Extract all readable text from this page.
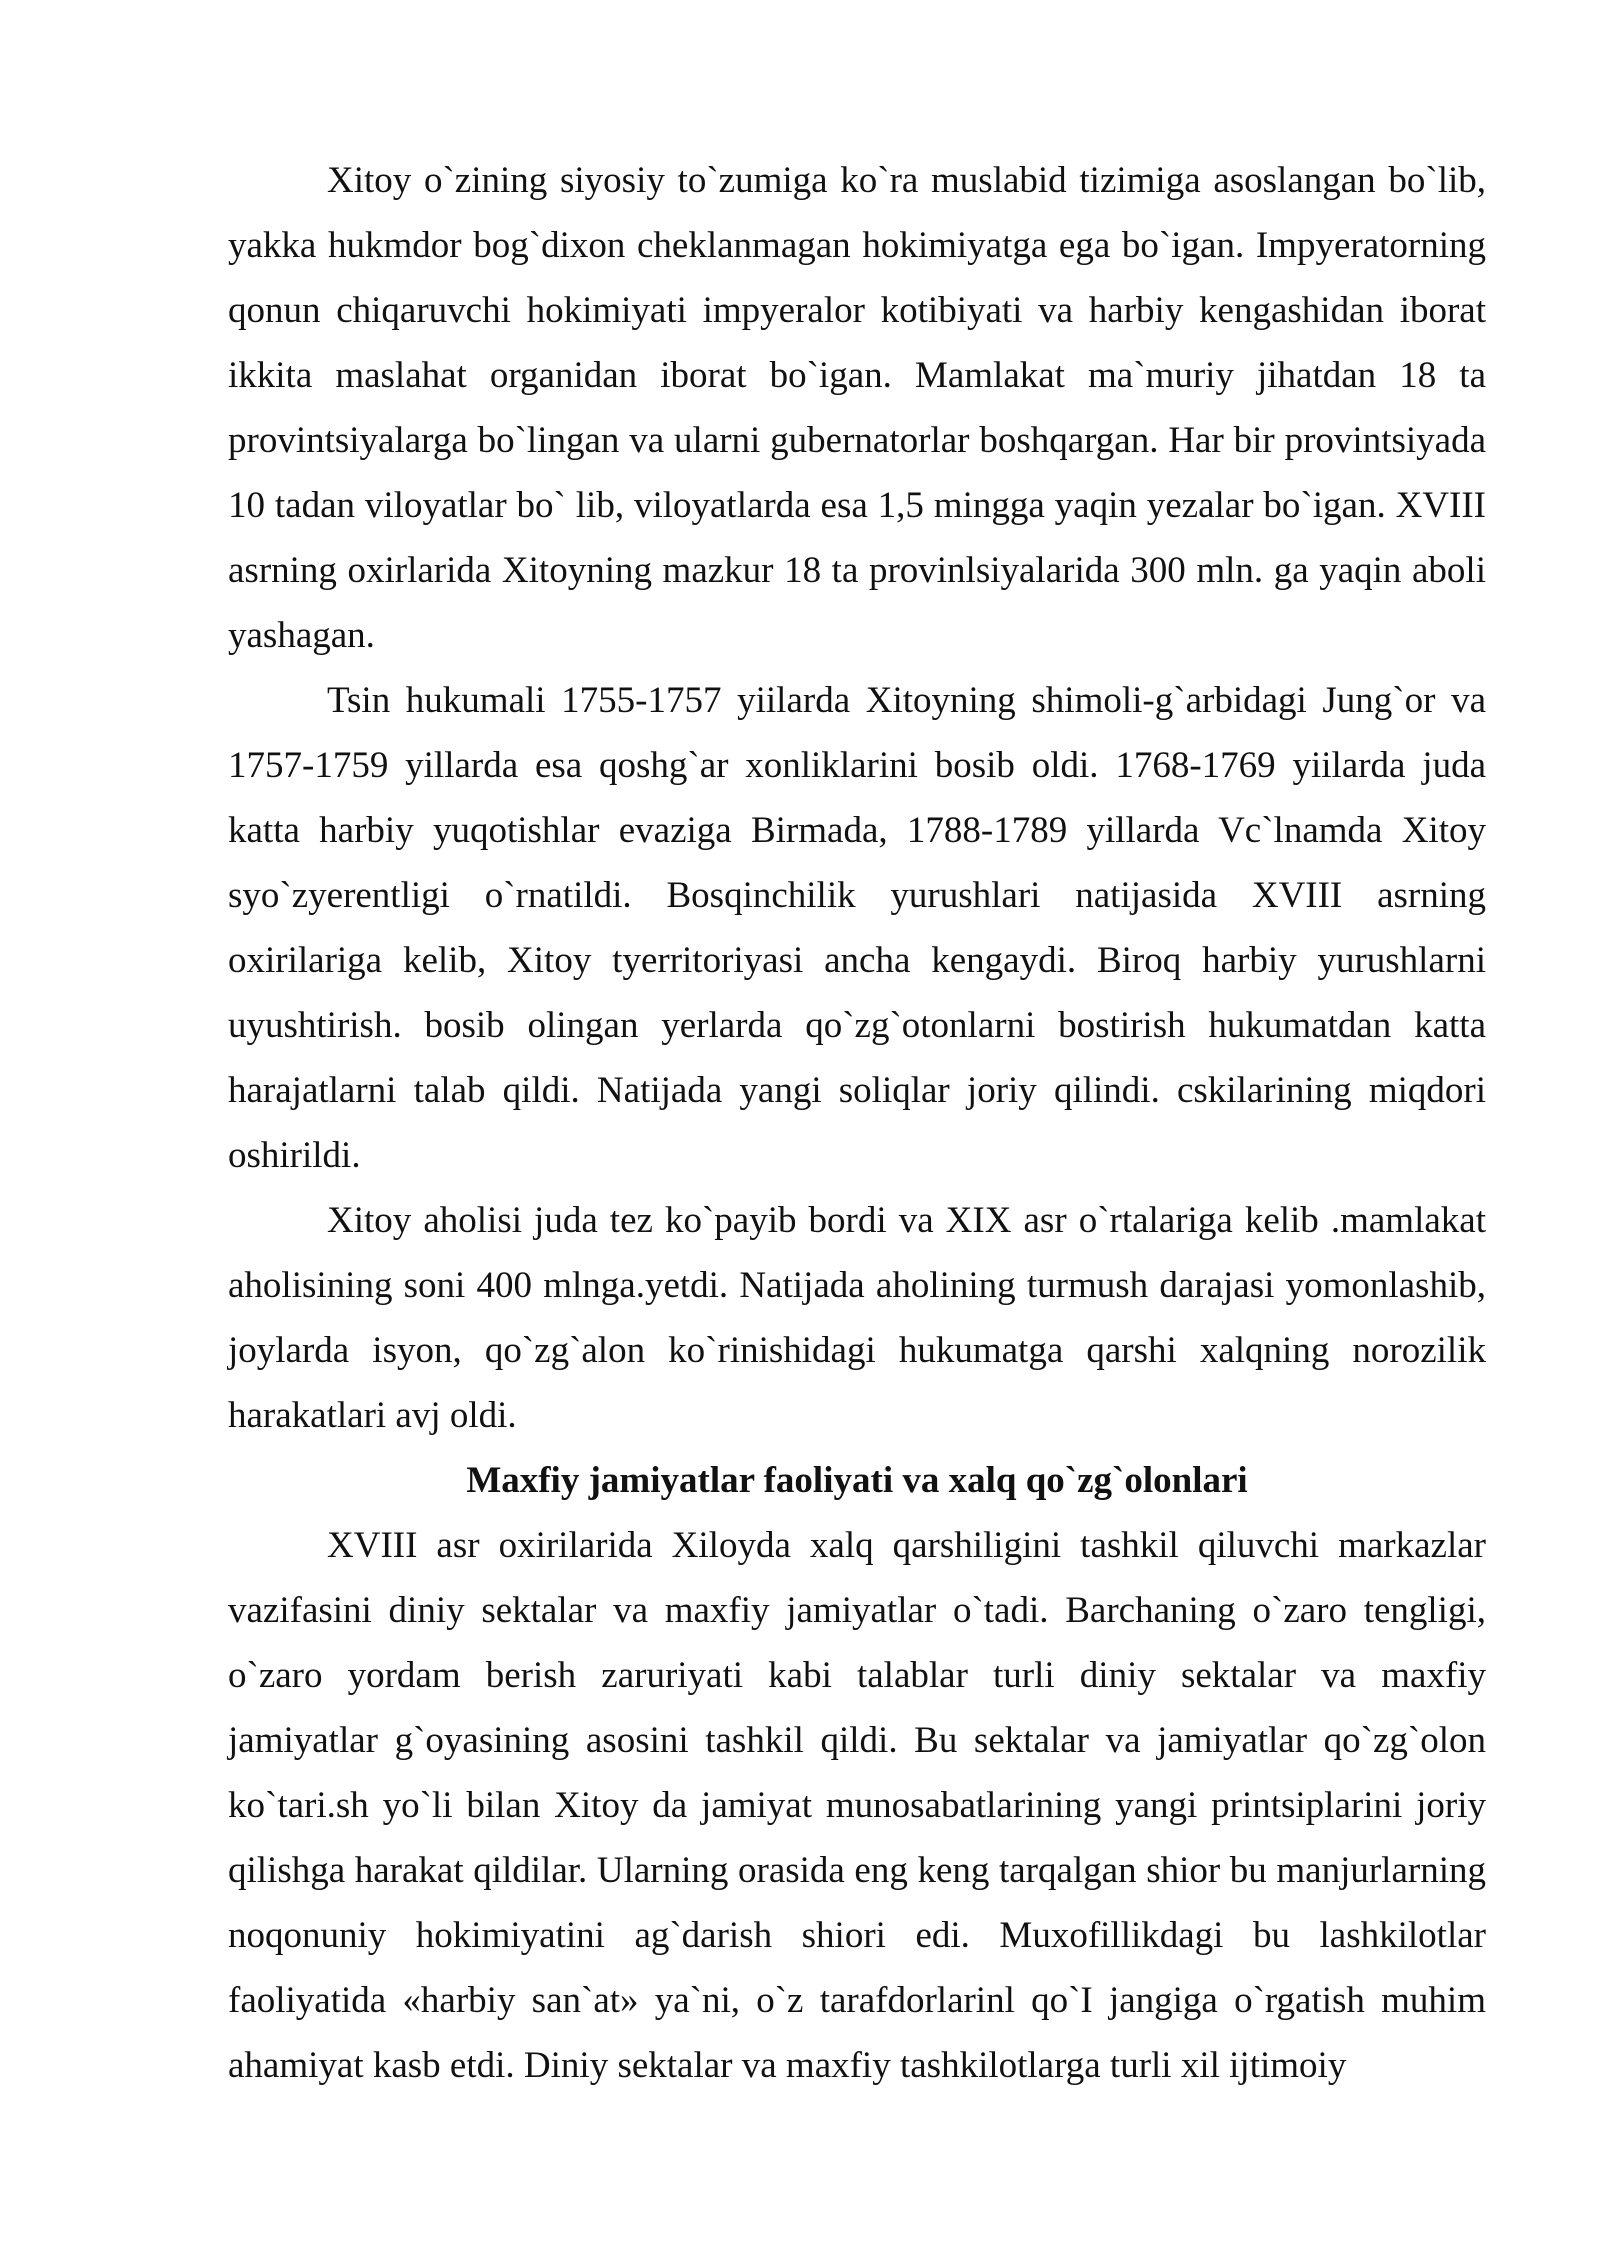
Xitoy o`zining siyosiy to`zumiga ko`ra muslabid tizimiga asoslangan bo`lib, yakka hukmdor bog`dixon cheklanmagan hokimiyatga ega bo`igan. Impyeratorning qonun chiqaruvchi hokimiyati impyeralor kotibiyati va harbiy kengashidan iborat ikkita maslahat organidan iborat bo`igan. Mamlakat ma`muriy jihatdan 18 ta provintsiyalarga bo`lingan va ularni gubernatorlar boshqargan. Har bir provintsiyada 10 tadan viloyatlar bo` lib, viloyatlarda esa 1,5 mingga yaqin yezalar bo`igan. XVIII asrning oxirlarida Xitoyning mazkur 18 ta provinlsiyalarida 300 mln. ga yaqin aboli yashagan.

Tsin hukumali 1755-1757 yiilarda Xitoyning shimoli-g`arbidagi Jung`or va 1757-1759 yillarda esa qoshg`ar xonliklarini bosib oldi. 1768-1769 yiilarda juda katta harbiy yuqotishlar evaziga Birmada, 1788-1789 yillarda Vc`lnamda Xitoy syo`zyerentligi o`rnatildi. Bosqinchilik yurushlari natijasida XVIII asrning oxirilariga kelib, Xitoy tyerritoriyasi ancha kengaydi. Biroq harbiy yurushlarni uyushtirish. bosib olingan yerlarda qo`zg`otonlarni bostirish hukumatdan katta harajatlarni talab qildi. Natijada yangi soliqlar joriy qilindi. cskilarining miqdori oshirildi.

Xitoy aholisi juda tez ko`payib bordi va XIX asr o`rtalariga kelib .mamlakat aholisining soni 400 mlnga.yetdi. Natijada aholining turmush darajasi yomonlashib, joylarda isyon, qo`zg`alon ko`rinishidagi hukumatga qarshi xalqning norozilik harakatlari avj oldi.

Maxfiy jamiyatlar faoliyati va xalq qo`zg`olonlari

XVIII asr oxirilarida Xiloyda xalq qarshiligini tashkil qiluvchi markazlar vazifasini diniy sektalar va maxfiy jamiyatlar o`tadi. Barchaning o`zaro tengligi, o`zaro yordam berish zaruriyati kabi talablar turli diniy sektalar va maxfiy jamiyatlar g`oyasining asosini tashkil qildi. Bu sektalar va jamiyatlar qo`zg`olon ko`tari.sh yo`li bilan Xitoy da jamiyat munosabatlarining yangi printsiplarini joriy qilishga harakat qildilar. Ularning orasida eng keng tarqalgan shior bu manjurlarning noqonuniy hokimiyatini ag`darish shiori edi. Muxofillikdagi bu lashkilotlar faoliyatida «harbiy san`at» ya`ni, o`z tarafdorlarinl qo`I jangiga o`rgatish muhim ahamiyat kasb etdi. Diniy sektalar va maxfiy tashkilotlarga turli xil ijtimoiy
